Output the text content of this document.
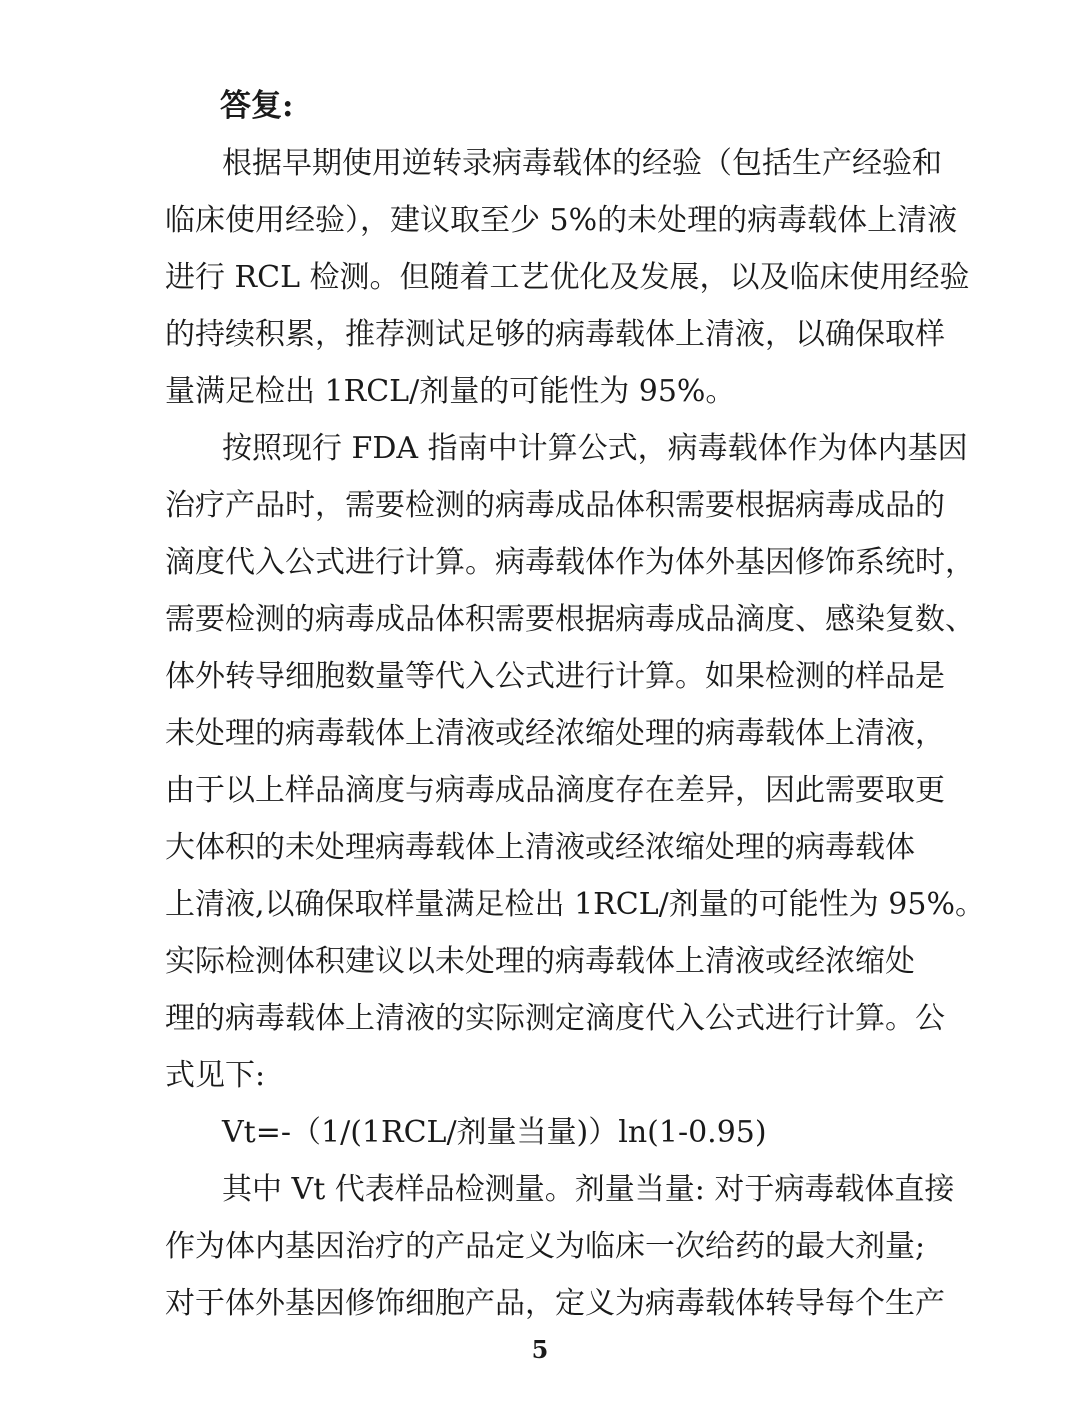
答复:
根据早期使用逆转录病毒载体的经验（包括生产经验和
临床使用经验），建议取至少 5%的未处理的病毒载体上清液
进行 RCL 检测。但随着工艺优化及发展，以及临床使用经验
的持续积累，推荐测试足够的病毒载体上清液，以确保取样
量满足检出 1RCL/剂量的可能性为 95%。
按照现行 FDA 指南中计算公式，病毒载体作为体内基因
治疗产品时，需要检测的病毒成品体积需要根据病毒成品的
滴度代入公式进行计算。病毒载体作为体外基因修饰系统时，
需要检测的病毒成品体积需要根据病毒成品滴度、感染复数、
体外转导细胞数量等代入公式进行计算。如果检测的样品是
未处理的病毒载体上清液或经浓缩处理的病毒载体上清液，
由于以上样品滴度与病毒成品滴度存在差异，因此需要取更
大体积的未处理病毒载体上清液或经浓缩处理的病毒载体
上清液,以确保取样量满足检出 1RCL/剂量的可能性为 95%。
实际检测体积建议以未处理的病毒载体上清液或经浓缩处
理的病毒载体上清液的实际测定滴度代入公式进行计算。公
式见下:
Vt=-（1/(1RCL/剂量当量)）ln(1-0.95)
其中 Vt 代表样品检测量。剂量当量: 对于病毒载体直接
作为体内基因治疗的产品定义为临床一次给药的最大剂量;
对于体外基因修饰细胞产品，定义为病毒载体转导每个生产
5
